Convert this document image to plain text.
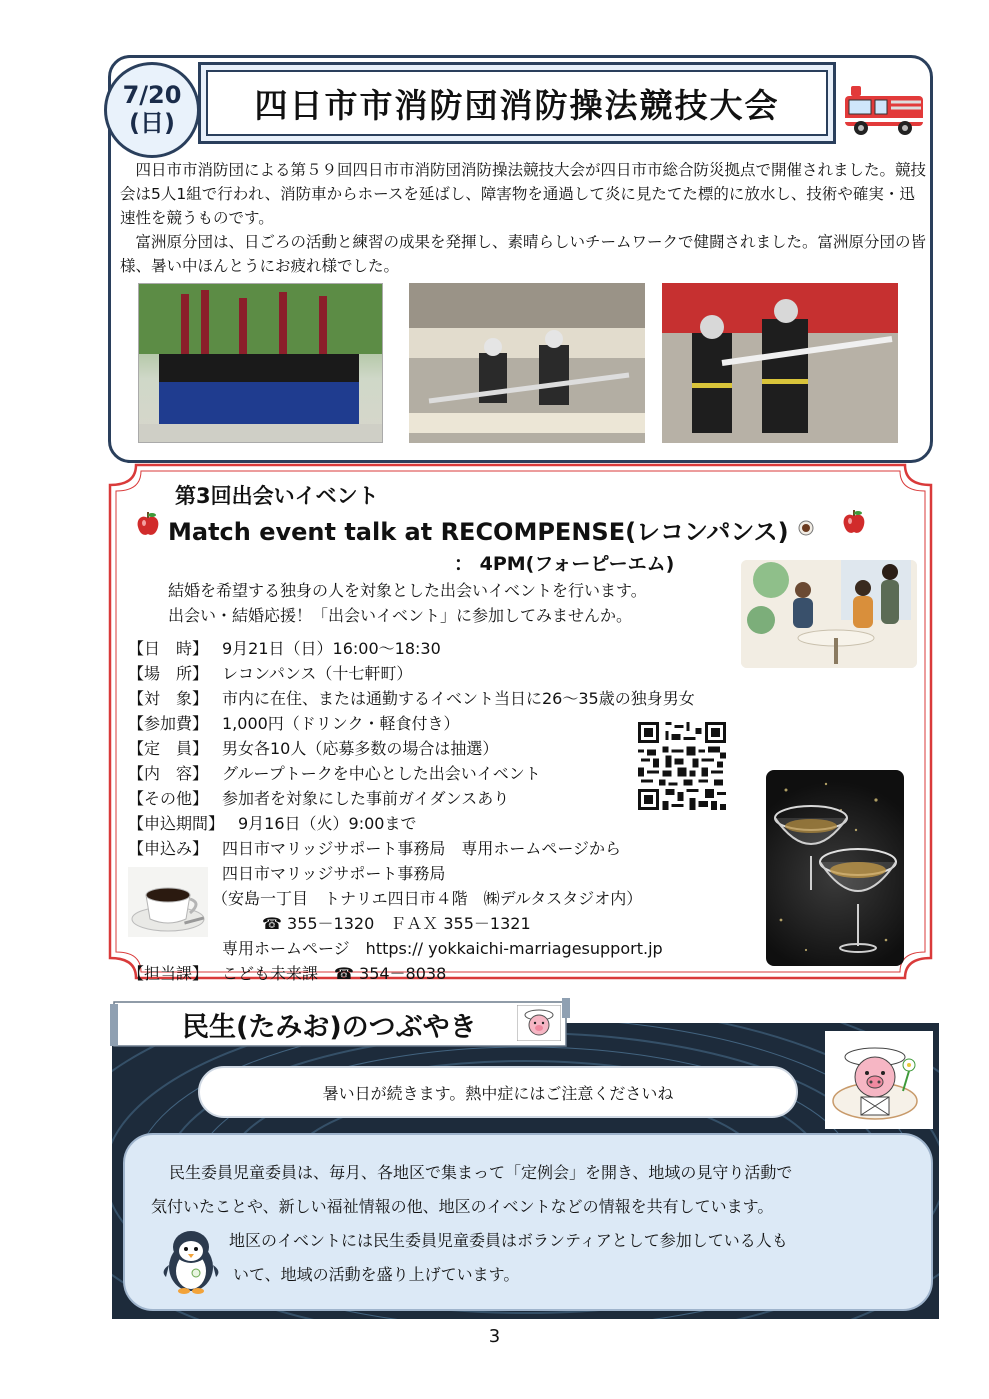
7/20
(日)	四日市市消防団消防操法競技大会

四日市市消防団による第５９回四日市市消防団消防操法競技大会が四日市市総合防災拠点で開催されました。競技会は5人1組で行われ、消防車からホースを延ばし、障害物を通過して炎に見たてた標的に放水し、技術や確実・迅速性を競うものです。

富洲原分団は、日ごろの活動と練習の成果を発揮し、素晴らしいチームワークで健闘されました。富洲原分団の皆様、暑い中ほんとうにお疲れ様でした。

第3回出会いイベント
Match event talk at RECOMPENSE(レコンパンス)
： 4PM(フォーピーエム)
結婚を希望する独身の人を対象とした出会いイベントを行います。
出会い・結婚応援！「出会いイベント」に参加してみませんか。
【日　時】 9月21日（日）16:00～18:30
【場　所】 レコンパンス（十七軒町）
【対　象】 市内に在住、または通勤するイベント当日に26～35歳の独身男女
【参加費】 1,000円（ドリンク・軽食付き）
【定　員】 男女各10人（応募多数の場合は抽選）
【内　容】 グループトークを中心とした出会いイベント
【その他】 参加者を対象にした事前ガイダンスあり
【申込期間】 9月16日（火）9:00まで
【申込み】 四日市マリッジサポート事務局　専用ホームページから
四日市マリッジサポート事務局
（安島一丁目　トナリエ四日市４階　㈱デルタスタジオ内）
☎ 355－1320　ＦＡＸ 355－1321
専用ホームページ　https:// yokkaichi-marriagesupport.jp
【担当課】 こども未来課　☎ 354－8038
民生(たみお)のつぶやき
暑い日が続きます。熱中症にはご注意くださいね
民生委員児童委員は、毎月、各地区で集まって「定例会」を開き、地域の見守り活動で
気付いたことや、新しい福祉情報の他、地区のイベントなどの情報を共有しています。
地区のイベントには民生委員児童委員はボランティアとして参加している人も
いて、地域の活動を盛り上げています。
3
